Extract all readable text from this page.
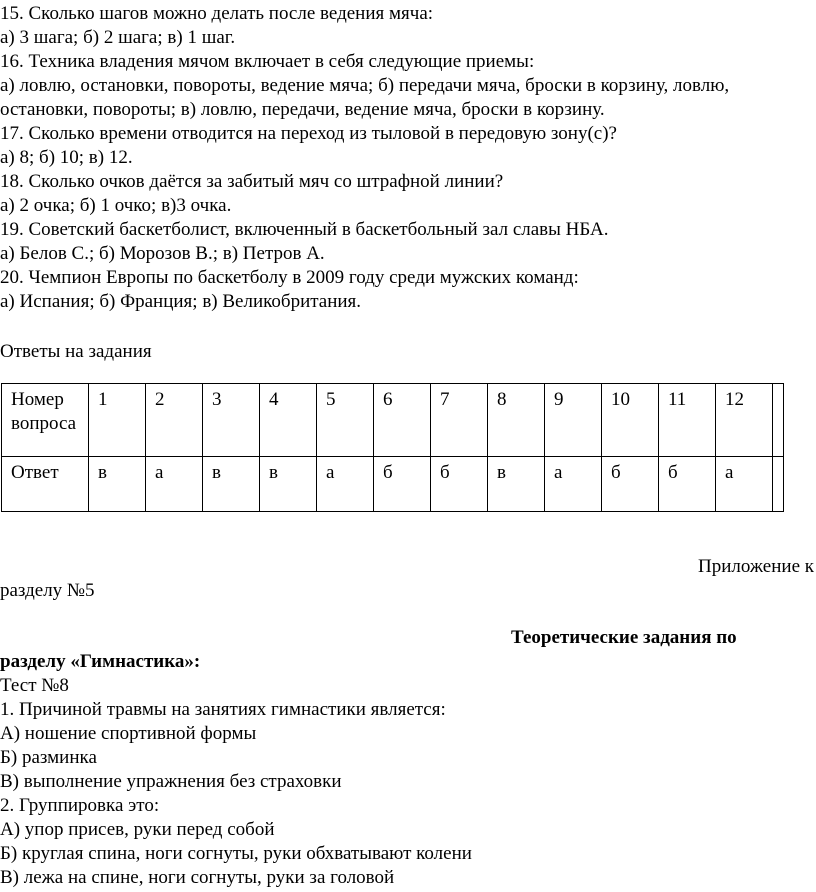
15. Сколько шагов можно делать после ведения мяча:
а) 3 шага; б) 2 шага; в) 1 шаг.
16. Техника владения мячом включает в себя следующие приемы:
а) ловлю, остановки, повороты, ведение мяча; б) передачи мяча, броски в корзину, ловлю,
остановки, повороты; в) ловлю, передачи, ведение мяча, броски в корзину.
17. Сколько времени отводится на переход из тыловой в передовую зону(с)?
а) 8; б) 10; в) 12.
18. Сколько очков даётся за забитый мяч со штрафной линии?
а) 2 очка; б) 1 очко; в)3 очка.
19. Советский баскетболист, включенный в баскетбольный зал славы НБА.
а) Белов С.; б) Морозов В.; в) Петров А.
20. Чемпион Европы по баскетболу в 2009 году среди мужских команд:
а) Испания; б) Франция; в) Великобритания.
Ответы на задания
Номер
вопроса	1	2	3	4	5	6	7	8	9	10	11	12	
Ответ	в	а	в	в	а	б	б	в	а	б	б	а	
Приложение к
разделу №5
Теоретические задания по
разделу «Гимнастика»:
Тест №8
1. Причиной травмы на занятиях гимнастики является:
А) ношение спортивной формы
Б) разминка
В) выполнение упражнения без страховки
2. Группировка это:
А) упор присев, руки перед собой
Б) круглая спина, ноги согнуты, руки обхватывают колени
В) лежа на спине, ноги согнуты, руки за головой
